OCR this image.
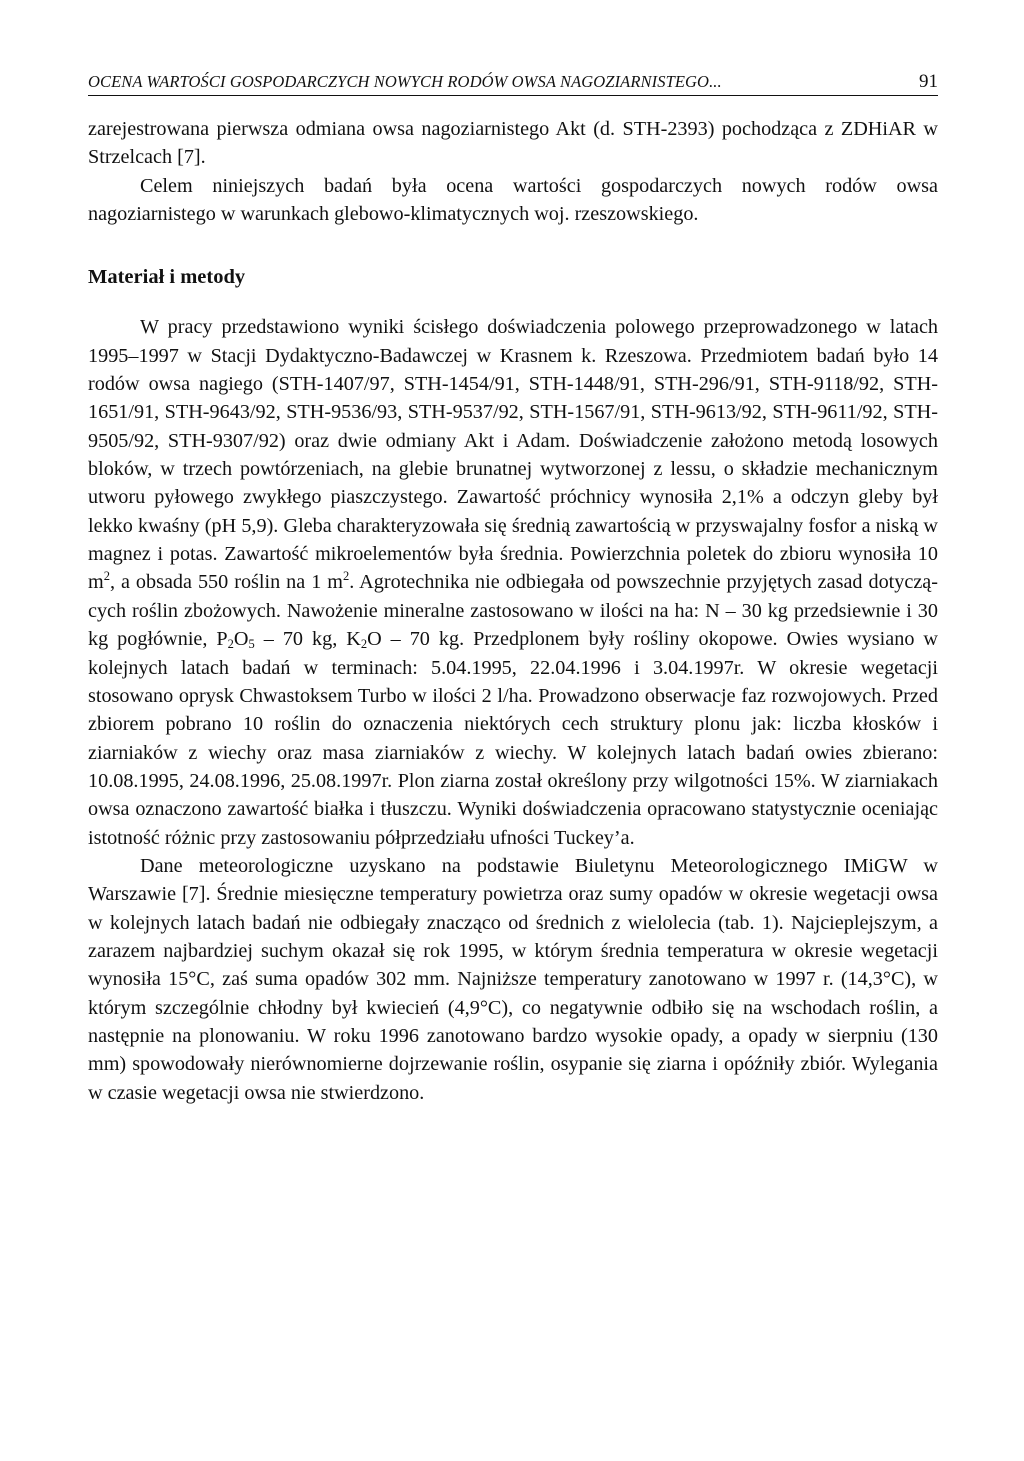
OCENA WARTOŚCI GOSPODARCZYCH NOWYCH RODÓW OWSA NAGOZIARNISTEGO...	91

zarejestrowana pierwsza odmiana owsa nagoziarnistego Akt (d. STH-2393) pochodząca z ZDHiAR w Strzelcach [7].

Celem niniejszych badań była ocena wartości gospodarczych nowych rodów owsa nagoziarnistego w warunkach glebowo-klimatycznych woj. rzeszowskiego.

Materiał i metody

W pracy przedstawiono wyniki ścisłego doświadczenia polowego przeprowadzonego w latach 1995–1997 w Stacji Dydaktyczno-Badawczej w Krasnem k. Rzeszowa. Przedmiotem badań było 14 rodów owsa nagiego (STH-1407/97, STH-1454/91, STH-1448/91, STH-296/91, STH-9118/92, STH-1651/91, STH-9643/92, STH-9536/93, STH-9537/92, STH-1567/91, STH-9613/92, STH-9611/92, STH-9505/92, STH-9307/92) oraz dwie odmiany Akt i Adam. Doświadczenie założono metodą losowych bloków, w trzech powtórzeniach, na glebie brunatnej wytworzonej z lessu, o składzie mechanicznym utworu pyłowego zwykłego piaszczystego. Zawartość próchnicy wynosiła 2,1% a odczyn gleby był lekko kwaśny (pH 5,9). Gleba charakteryzowała się średnią zawartością w przyswajalny fosfor a niską w magnez i potas. Zawartość mikroelementów była średnia. Powierzchnia poletek do zbioru wynosiła 10 $m^2$, a obsada 550 roślin na 1 $m^2$. Agrotechnika nie odbiegała od powszechnie przyjętych zasad dotyczących roślin zbożowych. Nawożenie mineralne zastosowano w ilości na ha: N – 30 kg przedsiewnie i 30 kg pogłównie, $P_2O_5 - 70$ kg, $K_2O - 70$ kg. Przedplonem były rośliny okopowe. Owies wysiano w kolejnych latach badań w terminach: 5.04.1995, 22.04.1996 i 3.04.1997r. W okresie wegetacji stosowano oprysk Chwastoksem Turbo w ilości 2 l/ha. Prowadzono obserwacje faz rozwojowych. Przed zbiorem pobrano 10 roślin do oznaczenia niektórych cech struktury plonu jak: liczba kłosków i ziarniaków z wiechy oraz masa ziarniaków z wiechy. W kolejnych latach badań owies zbierano: 10.08.1995, 24.08.1996, 25.08.1997r. Plon ziarna został określony przy wilgotności 15%. W ziarniakach owsa oznaczono zawartość białka i tłuszczu. Wyniki doświadczenia opracowano statystycznie oceniając istotność różnic przy zastosowaniu półprzedziału ufności Tuckey’a.

Dane meteorologiczne uzyskano na podstawie Biuletynu Meteorologicznego IMiGW w Warszawie [7]. Średnie miesięczne temperatury powietrza oraz sumy opadów w okresie wegetacji owsa w kolejnych latach badań nie odbiegały znacząco od średnich z wielolecia (tab. 1). Najcieplejszym, a zarazem najbardziej suchym okazał się rok 1995, w którym średnia temperatura w okresie wegetacji wynosiła 15°C, zaś suma opadów 302 mm. Najniższe temperatury zanotowano w 1997 r. (14,3°C), w którym szczególnie chłodny był kwiecień (4,9°C), co negatywnie odbiło się na wschodach roślin, a następnie na plonowaniu. W roku 1996 zanotowano bardzo wysokie opady, a opady w sierpniu (130 mm) spowodowały nierównomierne dojrzewanie roślin, osypanie się ziarna i opóźniły zbiór. Wylegania w czasie wegetacji owsa nie stwierdzono.
